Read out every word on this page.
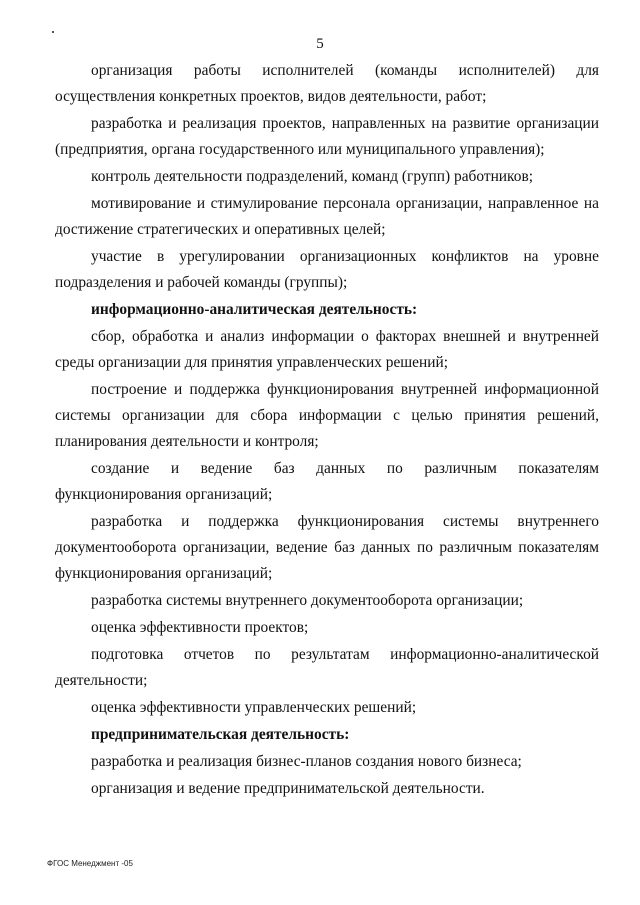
5

организация работы исполнителей (команды исполнителей) для осуществления конкретных проектов, видов деятельности, работ;

разработка и реализация проектов, направленных на развитие организации (предприятия, органа государственного или муниципального управления);

контроль деятельности подразделений, команд (групп) работников;

мотивирование и стимулирование персонала организации, направленное на достижение стратегических и оперативных целей;

участие в урегулировании организационных конфликтов на уровне подразделения и рабочей команды (группы);

информационно-аналитическая деятельность:

сбор, обработка и анализ информации о факторах внешней и внутренней среды организации для принятия управленческих решений;

построение и поддержка функционирования внутренней информационной системы организации для сбора информации с целью принятия решений, планирования деятельности и контроля;

создание и ведение баз данных по различным показателям функционирования организаций;

разработка и поддержка функционирования системы внутреннего документооборота организации, ведение баз данных по различным показателям функционирования организаций;

разработка системы внутреннего документооборота организации;

оценка эффективности проектов;

подготовка отчетов по результатам информационно-аналитической деятельности;

оценка эффективности управленческих решений;

предпринимательская деятельность:

разработка и реализация бизнес-планов создания нового бизнеса;

организация и ведение предпринимательской деятельности.

ФГОС Менеджмент -05
